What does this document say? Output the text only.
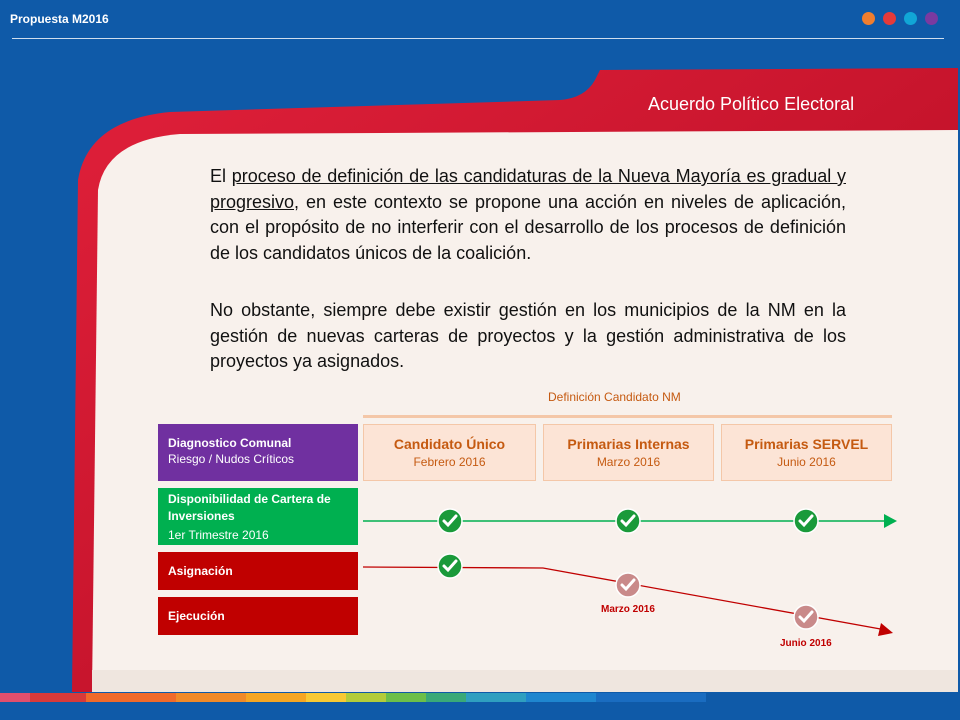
Propuesta M2016
Acuerdo Político Electoral
El proceso de definición de las candidaturas de la Nueva Mayoría es gradual y progresivo, en este contexto se propone una acción en niveles de aplicación, con el propósito de no interferir con el desarrollo de los procesos de definición de los candidatos únicos de la coalición.
No obstante, siempre debe existir gestión en los municipios de la NM en la gestión de nuevas carteras de proyectos y la gestión administrativa de los proyectos ya asignados.
Definición Candidato NM
Candidato Único
Febrero 2016
Primarias Internas
Marzo 2016
Primarias SERVEL
Junio 2016
Diagnostico Comunal
Riesgo / Nudos Críticos
Disponibilidad de Cartera de Inversiones
1er Trimestre 2016
Asignación
Ejecución	Marzo 2016
Junio 2016
